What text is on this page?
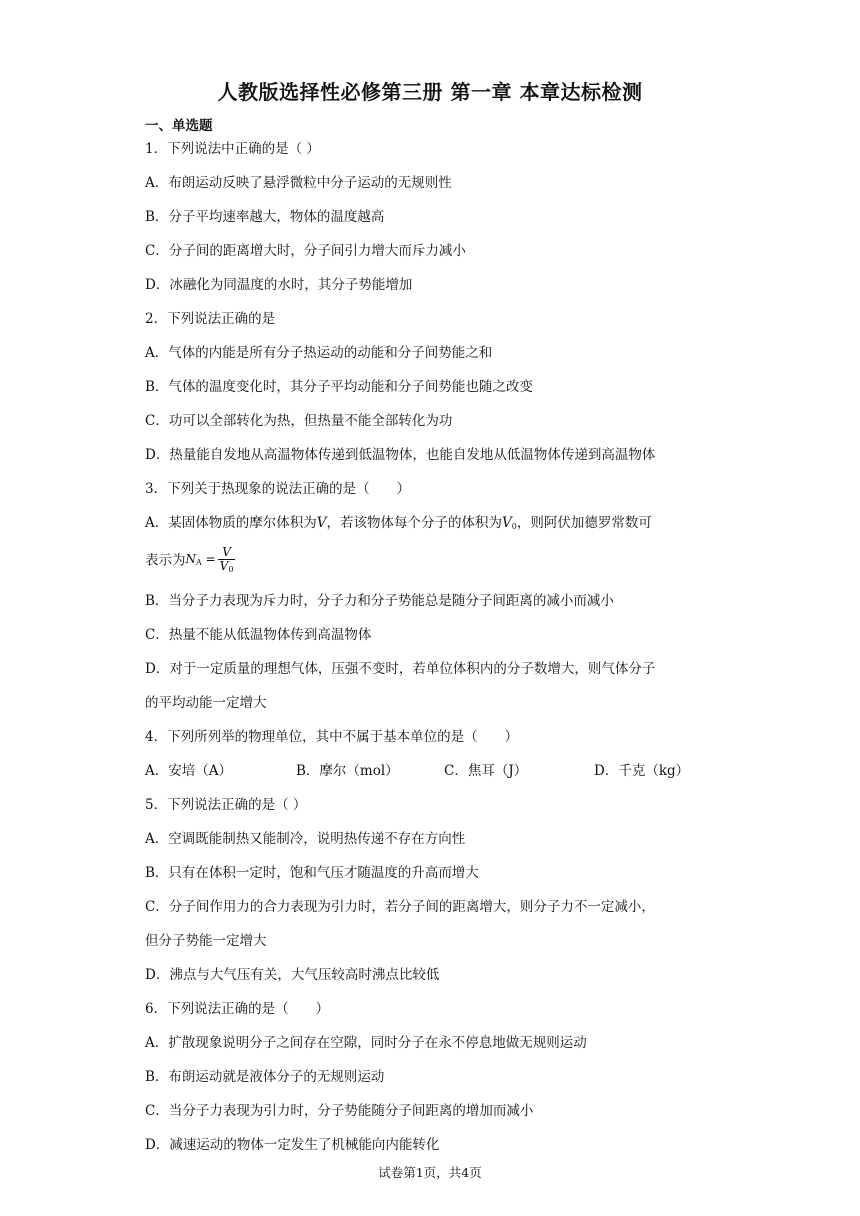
人教版选择性必修第三册 第一章 本章达标检测
一、单选题
1．下列说法中正确的是（ ）
A．布朗运动反映了悬浮微粒中分子运动的无规则性
B．分子平均速率越大，物体的温度越高
C．分子间的距离增大时，分子间引力增大而斥力减小
D．冰融化为同温度的水时，其分子势能增加
2．下列说法正确的是
A．气体的内能是所有分子热运动的动能和分子间势能之和
B．气体的温度变化时，其分子平均动能和分子间势能也随之改变
C．功可以全部转化为热，但热量不能全部转化为功
D．热量能自发地从高温物体传递到低温物体，也能自发地从低温物体传递到高温物体
3．下列关于热现象的说法正确的是（　　）
A．某固体物质的摩尔体积为V，若该物体每个分子的体积为$V_0$，则阿伏加德罗常数可
表示为$N_A = \frac{V}{V_0}$
B．当分子力表现为斥力时，分子力和分子势能总是随分子间距离的减小而减小
C．热量不能从低温物体传到高温物体
D．对于一定质量的理想气体，压强不变时，若单位体积内的分子数增大，则气体分子
的平均动能一定增大
4．下列所列举的物理单位，其中不属于基本单位的是（　　）
A．安培（A）	B．摩尔（mol）	C．焦耳（J）	D．千克（kg）
5．下列说法正确的是（ ）
A．空调既能制热又能制冷，说明热传递不存在方向性
B．只有在体积一定时，饱和气压才随温度的升高而增大
C．分子间作用力的合力表现为引力时，若分子间的距离增大，则分子力不一定减小，
但分子势能一定增大
D．沸点与大气压有关，大气压较高时沸点比较低
6．下列说法正确的是（　　）
A．扩散现象说明分子之间存在空隙，同时分子在永不停息地做无规则运动
B．布朗运动就是液体分子的无规则运动
C．当分子力表现为引力时，分子势能随分子间距离的增加而减小
D．减速运动的物体一定发生了机械能向内能转化
试卷第1页，共4页
